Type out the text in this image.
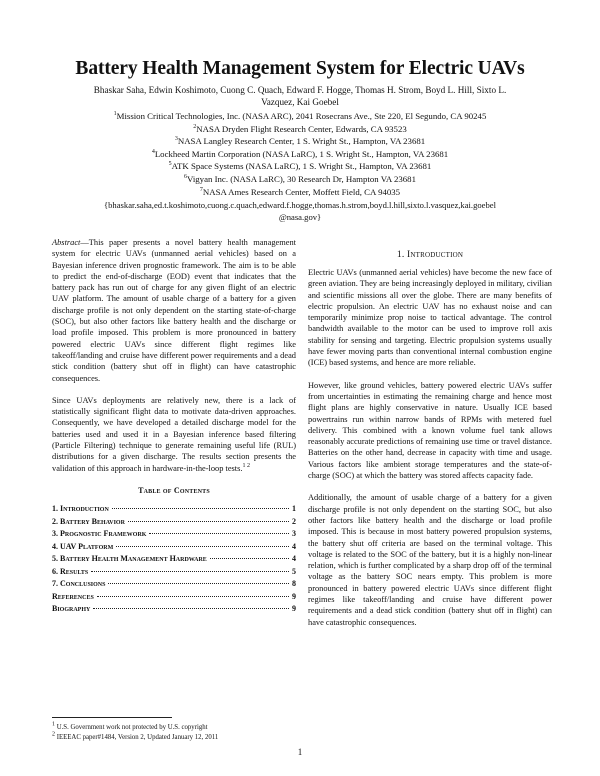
Battery Health Management System for Electric UAVs
Bhaskar Saha, Edwin Koshimoto, Cuong C. Quach, Edward F. Hogge, Thomas H. Strom, Boyd L. Hill, Sixto L.
Vazquez, Kai Goebel
$^1$Mission Critical Technologies, Inc. (NASA ARC), 2041 Rosecrans Ave., Ste 220, El Segundo, CA 90245
$^2$NASA Dryden Flight Research Center, Edwards, CA 93523
$^3$NASA Langley Research Center, 1 S. Wright St., Hampton, VA 23681
$^4$Lockheed Martin Corporation (NASA LaRC), 1 S. Wright St., Hampton, VA 23681
$^5$ATK Space Systems (NASA LaRC), 1 S. Wright St., Hampton, VA 23681
$^6$Vigyan Inc. (NASA LaRC), 30 Research Dr, Hampton VA 23681
$^7$NASA Ames Research Center, Moffett Field, CA 94035
{bhaskar.saha,ed.t.koshimoto,cuong.c.quach,edward.f.hogge,thomas.h.strom,boyd.l.hill,sixto.l.vasquez,kai.goebel
@nasa.gov}

Abstract—This paper presents a novel battery health management system for electric UAVs (unmanned aerial vehicles) based on a Bayesian inference driven prognostic framework. The aim is to be able to predict the end-of-discharge (EOD) event that indicates that the battery pack has run out of charge for any given flight of an electric UAV platform. The amount of usable charge of a battery for a given discharge profile is not only dependent on the starting state-of-charge (SOC), but also other factors like battery health and the discharge or load profile imposed. This problem is more pronounced in battery powered electric UAVs since different flight regimes like takeoff/landing and cruise have different power requirements and a dead stick condition (battery shut off in flight) can have catastrophic consequences.

Since UAVs deployments are relatively new, there is a lack of statistically significant flight data to motivate data-driven approaches. Consequently, we have developed a detailed discharge model for the batteries used and used it in a Bayesian inference based filtering (Particle Filtering) technique to generate remaining useful life (RUL) distributions for a given discharge. The results section presents the validation of this approach in hardware-in-the-loop tests.$^{1 2}$

Table of Contents
1. Introduction	1
2. Battery Behavior	2
3. Prognostic Framework	3
4. UAV Platform	4
5. Battery Health Management Hardware	4
6. Results	5
7. Conclusions	8
References	9
Biography	9
1. Introduction

Electric UAVs (unmanned aerial vehicles) have become the new face of green aviation. They are being increasingly deployed in military, civilian and scientific missions all over the globe. There are many benefits of electric propulsion. An electric UAV has no exhaust noise and can temporarily minimize prop noise to tactical advantage. The control bandwidth available to the motor can be used to improve roll axis stability for sensing and targeting. Electric propulsion systems usually have fewer moving parts than conventional internal combustion engine (ICE) based systems, and hence are more reliable.

However, like ground vehicles, battery powered electric UAVs suffer from uncertainties in estimating the remaining charge and hence most flight plans are highly conservative in nature. Usually ICE based powertrains run within narrow bands of RPMs with metered fuel delivery. This combined with a known volume fuel tank allows reasonably accurate predictions of remaining use time or travel distance. Batteries on the other hand, decrease in capacity with time and usage. Various factors like ambient storage temperatures and the state-of-charge (SOC) at which the battery was stored affects capacity fade.

Additionally, the amount of usable charge of a battery for a given discharge profile is not only dependent on the starting SOC, but also other factors like battery health and the discharge or load profile imposed. This is because in most battery powered propulsion systems, the battery shut off criteria are based on the terminal voltage. This voltage is related to the SOC of the battery, but it is a highly non-linear relation, which is further complicated by a sharp drop off of the terminal voltage as the battery SOC nears empty. This problem is more pronounced in battery powered electric UAVs since different flight regimes like takeoff/landing and cruise have different power requirements and a dead stick condition (battery shut off in flight) can have catastrophic consequences.

$^1$ U.S. Government work not protected by U.S. copyright
$^2$ IEEEAC paper#1484, Version 2, Updated January 12, 2011
1
